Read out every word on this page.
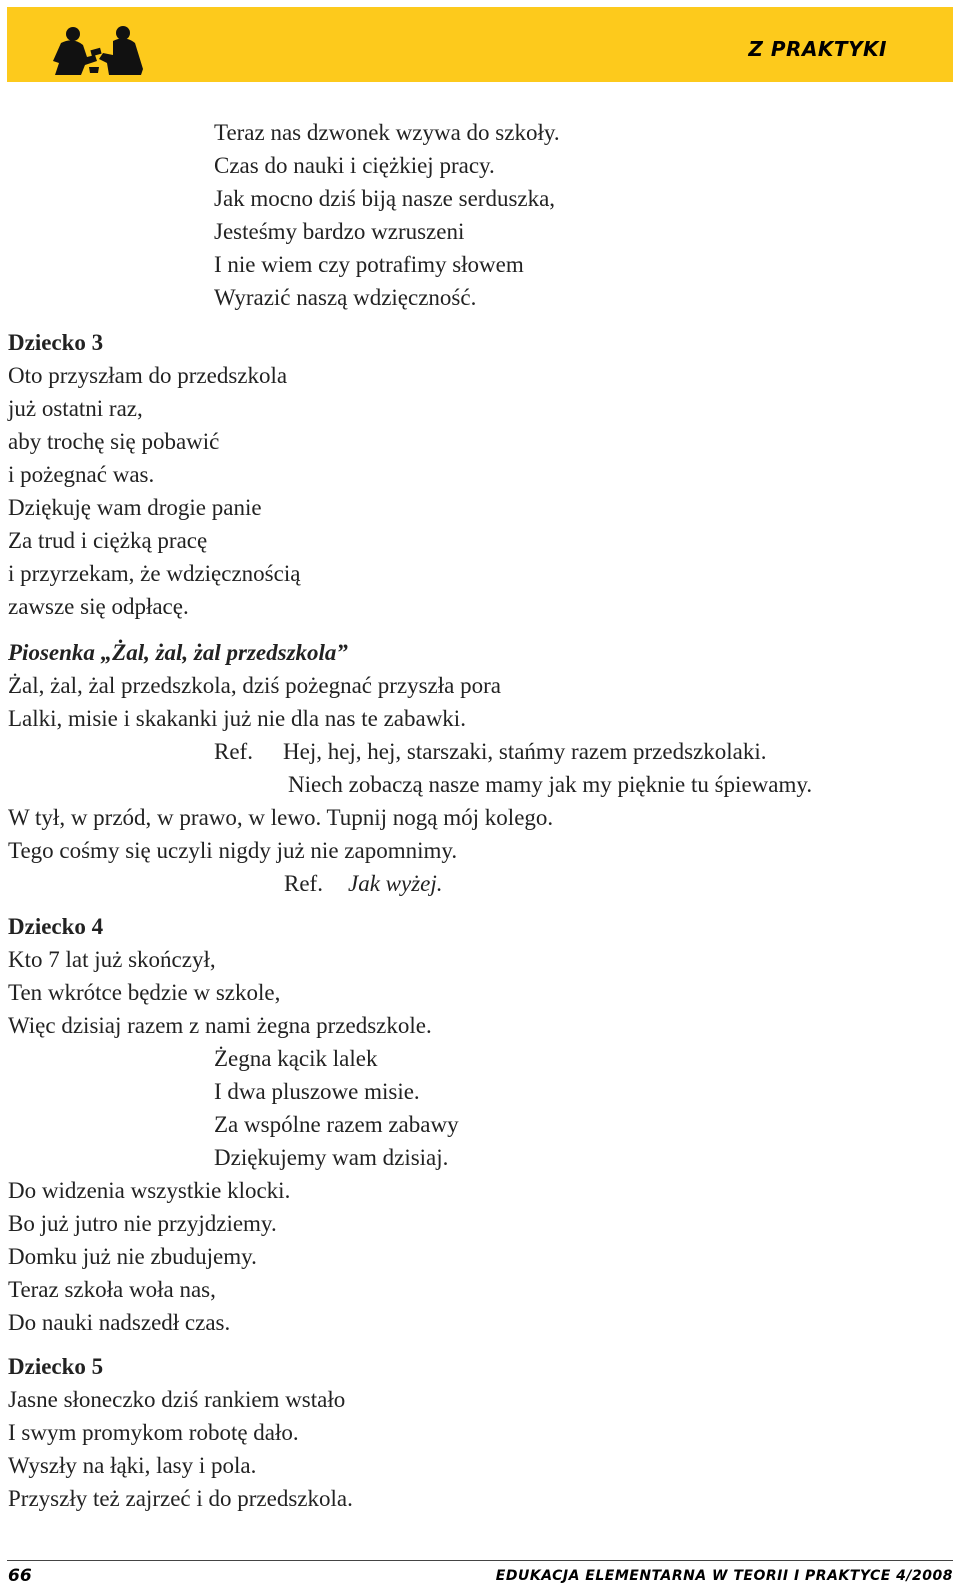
Z PRAKTYKI
Teraz nas dzwonek wzywa do szkoły.
Czas do nauki i ciężkiej pracy.
Jak mocno dziś biją nasze serduszka,
Jesteśmy bardzo wzruszeni
I nie wiem czy potrafimy słowem
Wyrazić naszą wdzięczność.
Dziecko 3
Oto przyszłam do przedszkola
już ostatni raz,
aby trochę się pobawić
i pożegnać was.
Dziękuję wam drogie panie
Za trud i ciężką pracę
i przyrzekam, że wdzięcznością
zawsze się odpłacę.
Piosenka „Żal, żal, żal przedszkola”
Żal, żal, żal przedszkola, dziś pożegnać przyszła pora
Lalki, misie i skakanki już nie dla nas te zabawki.
Ref. Hej, hej, hej, starszaki, stańmy razem przedszkolaki.
Niech zobaczą nasze mamy jak my pięknie tu śpiewamy.
W tył, w przód, w prawo, w lewo. Tupnij nogą mój kolego.
Tego cośmy się uczyli nigdy już nie zapomnimy.
Ref. Jak wyżej.
Dziecko 4
Kto 7 lat już skończył,
Ten wkrótce będzie w szkole,
Więc dzisiaj razem z nami żegna przedszkole.
Żegna kącik lalek
I dwa pluszowe misie.
Za wspólne razem zabawy
Dziękujemy wam dzisiaj.
Do widzenia wszystkie klocki.
Bo już jutro nie przyjdziemy.
Domku już nie zbudujemy.
Teraz szkoła woła nas,
Do nauki nadszedł czas.
Dziecko 5
Jasne słoneczko dziś rankiem wstało
I swym promykom robotę dało.
Wyszły na łąki, lasy i pola.
Przyszły też zajrzeć i do przedszkola.
66	EDUKACJA ELEMENTARNA W TEORII I PRAKTYCE 4/2008
